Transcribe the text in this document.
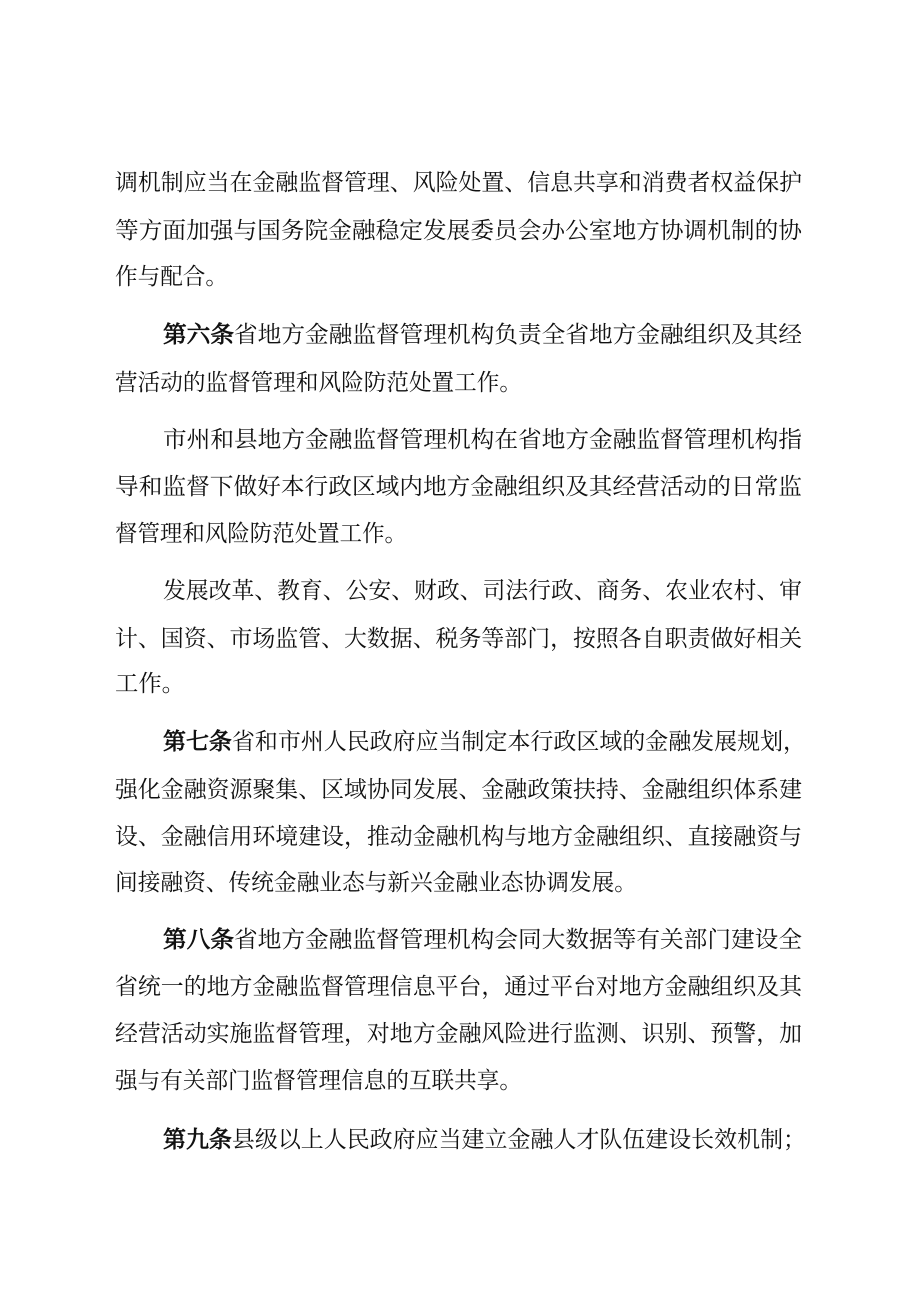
调机制应当在金融监督管理、风险处置、信息共享和消费者权益保护
等方面加强与国务院金融稳定发展委员会办公室地方协调机制的协
作与配合。
第六条省地方金融监督管理机构负责全省地方金融组织及其经
营活动的监督管理和风险防范处置工作。
市州和县地方金融监督管理机构在省地方金融监督管理机构指
导和监督下做好本行政区域内地方金融组织及其经营活动的日常监
督管理和风险防范处置工作。
发展改革、教育、公安、财政、司法行政、商务、农业农村、审
计、国资、市场监管、大数据、税务等部门，按照各自职责做好相关
工作。
第七条省和市州人民政府应当制定本行政区域的金融发展规划，
强化金融资源聚集、区域协同发展、金融政策扶持、金融组织体系建
设、金融信用环境建设，推动金融机构与地方金融组织、直接融资与
间接融资、传统金融业态与新兴金融业态协调发展。
第八条省地方金融监督管理机构会同大数据等有关部门建设全
省统一的地方金融监督管理信息平台，通过平台对地方金融组织及其
经营活动实施监督管理，对地方金融风险进行监测、识别、预警，加
强与有关部门监督管理信息的互联共享。
第九条县级以上人民政府应当建立金融人才队伍建设长效机制；
